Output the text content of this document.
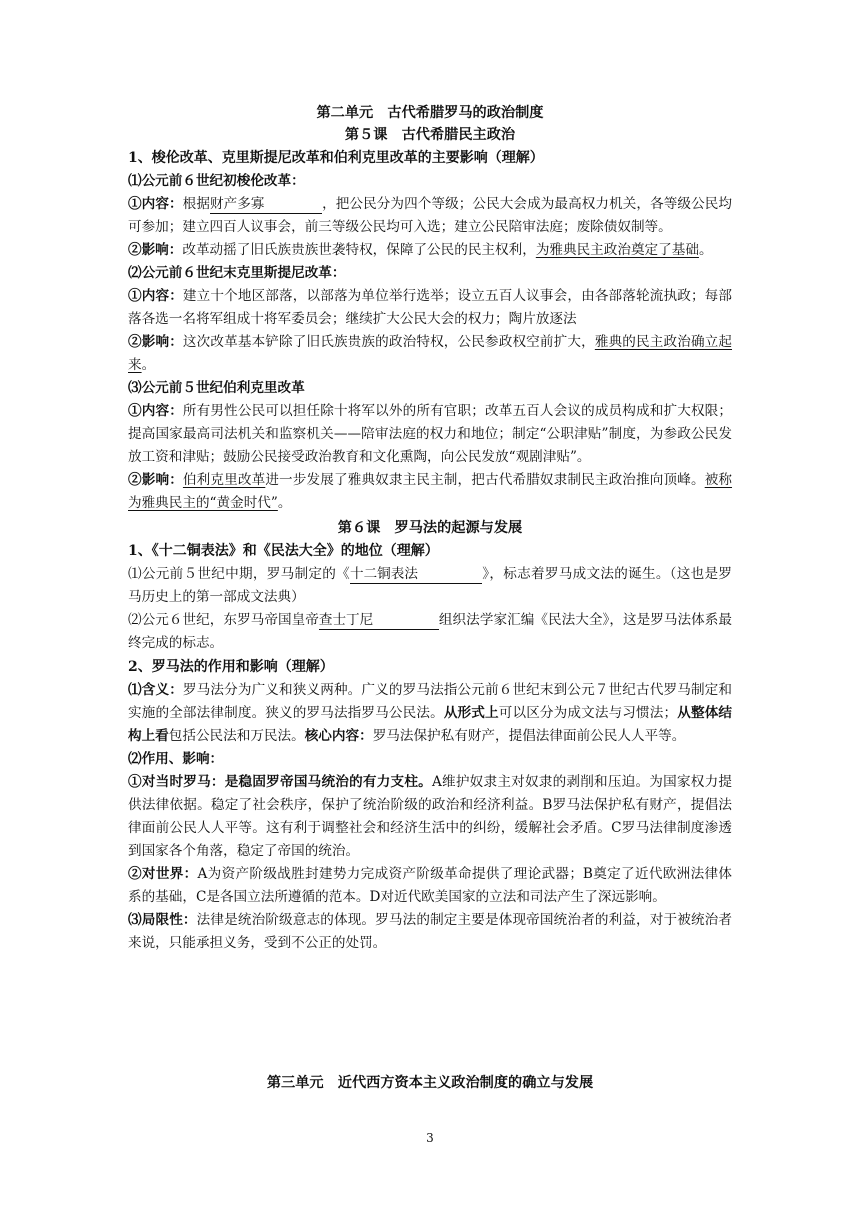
第二单元　古代希腊罗马的政治制度

第５课　古代希腊民主政治

1、梭伦改革、克里斯提尼改革和伯利克里改革的主要影响（理解）

⑴公元前６世纪初梭伦改革：

①内容：根据财产多寡	，把公民分为四个等级；公民大会成为最高权力机关，各等级公民均可参加；建立四百人议事会，前三等级公民均可入选；建立公民陪审法庭；废除债奴制等。

②影响：改革动摇了旧氏族贵族世袭特权，保障了公民的民主权利，为雅典民主政治奠定了基础。

⑵公元前６世纪末克里斯提尼改革：

①内容：建立十个地区部落，以部落为单位举行选举；设立五百人议事会，由各部落轮流执政；每部落各选一名将军组成十将军委员会；继续扩大公民大会的权力；陶片放逐法

②影响：这次改革基本铲除了旧氏族贵族的政治特权，公民参政权空前扩大，雅典的民主政治确立起来。

⑶公元前５世纪伯利克里改革

①内容：所有男性公民可以担任除十将军以外的所有官职；改革五百人会议的成员构成和扩大权限；提高国家最高司法机关和监察机关——陪审法庭的权力和地位；制定“公职津贴”制度，为参政公民发放工资和津贴；鼓励公民接受政治教育和文化熏陶，向公民发放“观剧津贴”。

②影响：伯利克里改革进一步发展了雅典奴隶主民主制，把古代希腊奴隶制民主政治推向顶峰。被称为雅典民主的“黄金时代”。

第６课　罗马法的起源与发展

1、《十二铜表法》和《民法大全》的地位（理解）

⑴公元前５世纪中期，罗马制定的《十二铜表法	》，标志着罗马成文法的诞生。（这也是罗马历史上的第一部成文法典）

⑵公元６世纪，东罗马帝国皇帝查士丁尼	组织法学家汇编《民法大全》，这是罗马法体系最终完成的标志。

2、罗马法的作用和影响（理解）

⑴含义：罗马法分为广义和狭义两种。广义的罗马法指公元前６世纪末到公元７世纪古代罗马制定和实施的全部法律制度。狭义的罗马法指罗马公民法。从形式上可以区分为成文法与习惯法；从整体结构上看包括公民法和万民法。核心内容：罗马法保护私有财产，提倡法律面前公民人人平等。

⑵作用、影响：

①对当时罗马：是稳固罗帝国马统治的有力支柱。A维护奴隶主对奴隶的剥削和压迫。为国家权力提供法律依据。稳定了社会秩序，保护了统治阶级的政治和经济利益。B罗马法保护私有财产，提倡法律面前公民人人平等。这有利于调整社会和经济生活中的纠纷，缓解社会矛盾。C罗马法律制度渗透到国家各个角落，稳定了帝国的统治。

②对世界：A为资产阶级战胜封建势力完成资产阶级革命提供了理论武器；B奠定了近代欧洲法律体系的基础，C是各国立法所遵循的范本。D对近代欧美国家的立法和司法产生了深远影响。

⑶局限性：法律是统治阶级意志的体现。罗马法的制定主要是体现帝国统治者的利益，对于被统治者来说，只能承担义务，受到不公正的处罚。

第三单元　近代西方资本主义政治制度的确立与发展
3
